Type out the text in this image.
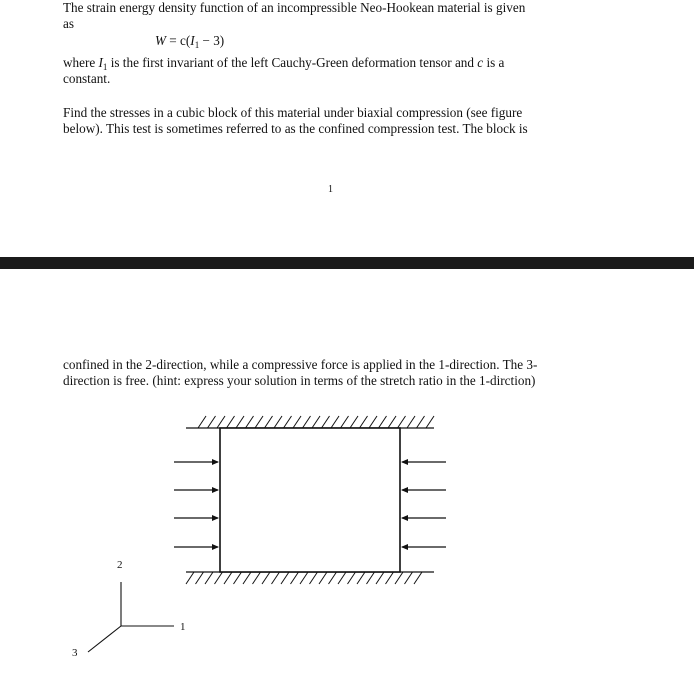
The strain energy density function of an incompressible Neo-Hookean material is given
as
$W = c(I_1 - 3)$
where $I_1$ is the first invariant of the left Cauchy-Green deformation tensor and c is a
constant.
Find the stresses in a cubic block of this material under biaxial compression (see figure
below). This test is sometimes referred to as the confined compression test. The block is
1
confined in the 2-direction, while a compressive force is applied in the 1-direction. The 3-
direction is free. (hint: express your solution in terms of the stretch ratio in the 1-dirction)
2
1
3
